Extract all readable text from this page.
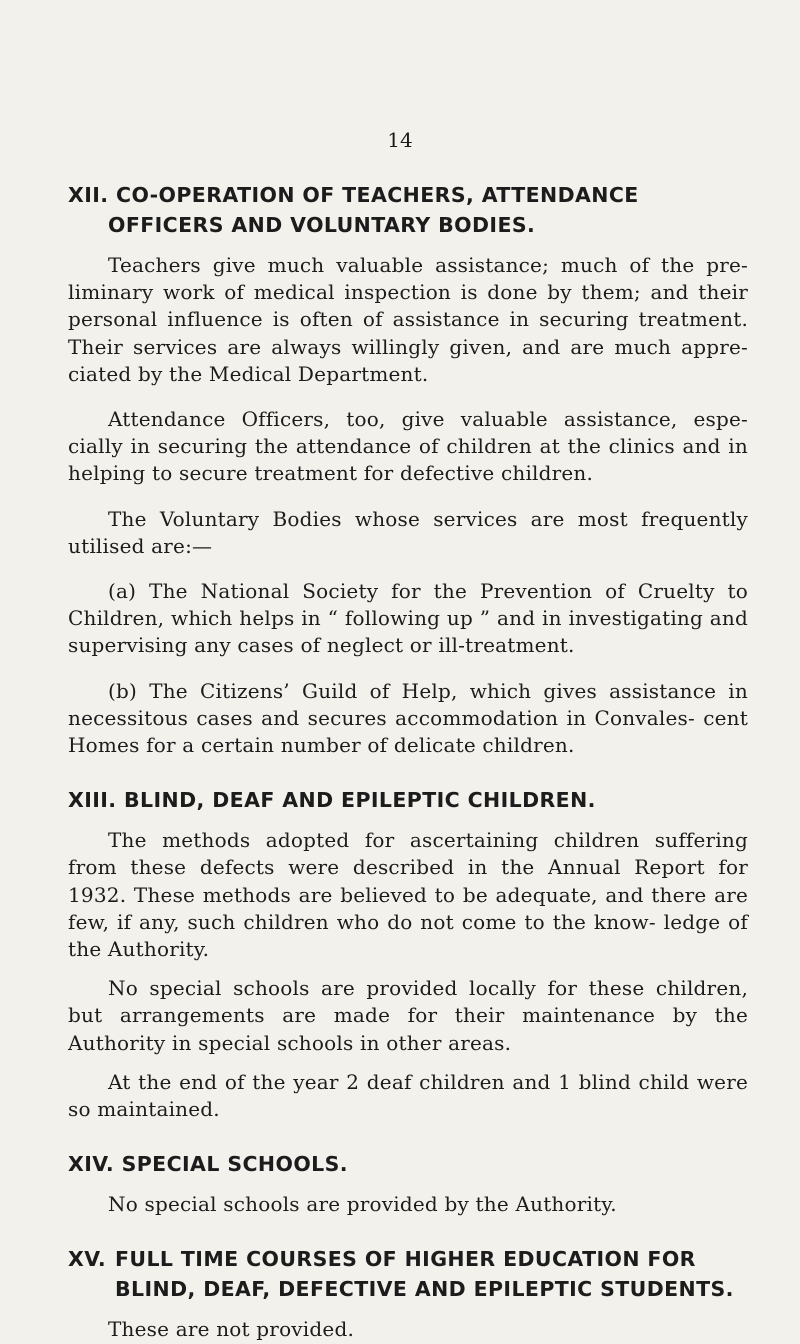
14
XII. CO-OPERATION OF TEACHERS, ATTENDANCE
OFFICERS AND VOLUNTARY BODIES.

Teachers give much valuable assistance; much of the pre- liminary work of medical inspection is done by them; and their personal influence is often of assistance in securing treatment. Their services are always willingly given, and are much appre- ciated by the Medical Department.

Attendance Officers, too, give valuable assistance, espe- cially in securing the attendance of children at the clinics and in helping to secure treatment for defective children.

The Voluntary Bodies whose services are most frequently utilised are:—

(a) The National Society for the Prevention of Cruelty to Children, which helps in “ following up ” and in investigating and supervising any cases of neglect or ill-treatment.

(b) The Citizens’ Guild of Help, which gives assistance in necessitous cases and secures accommodation in Convales- cent Homes for a certain number of delicate children.

XIII. BLIND, DEAF AND EPILEPTIC CHILDREN.

The methods adopted for ascertaining children suffering from these defects were described in the Annual Report for 1932. These methods are believed to be adequate, and there are few, if any, such children who do not come to the know- ledge of the Authority.

No special schools are provided locally for these children, but arrangements are made for their maintenance by the Authority in special schools in other areas.

At the end of the year 2 deaf children and 1 blind child were so maintained.

XIV. SPECIAL SCHOOLS.

No special schools are provided by the Authority.

XV. FULL TIME COURSES OF HIGHER EDUCATION FOR BLIND, DEAF, DEFECTIVE AND EPILEPTIC STUDENTS.

These are not provided.
